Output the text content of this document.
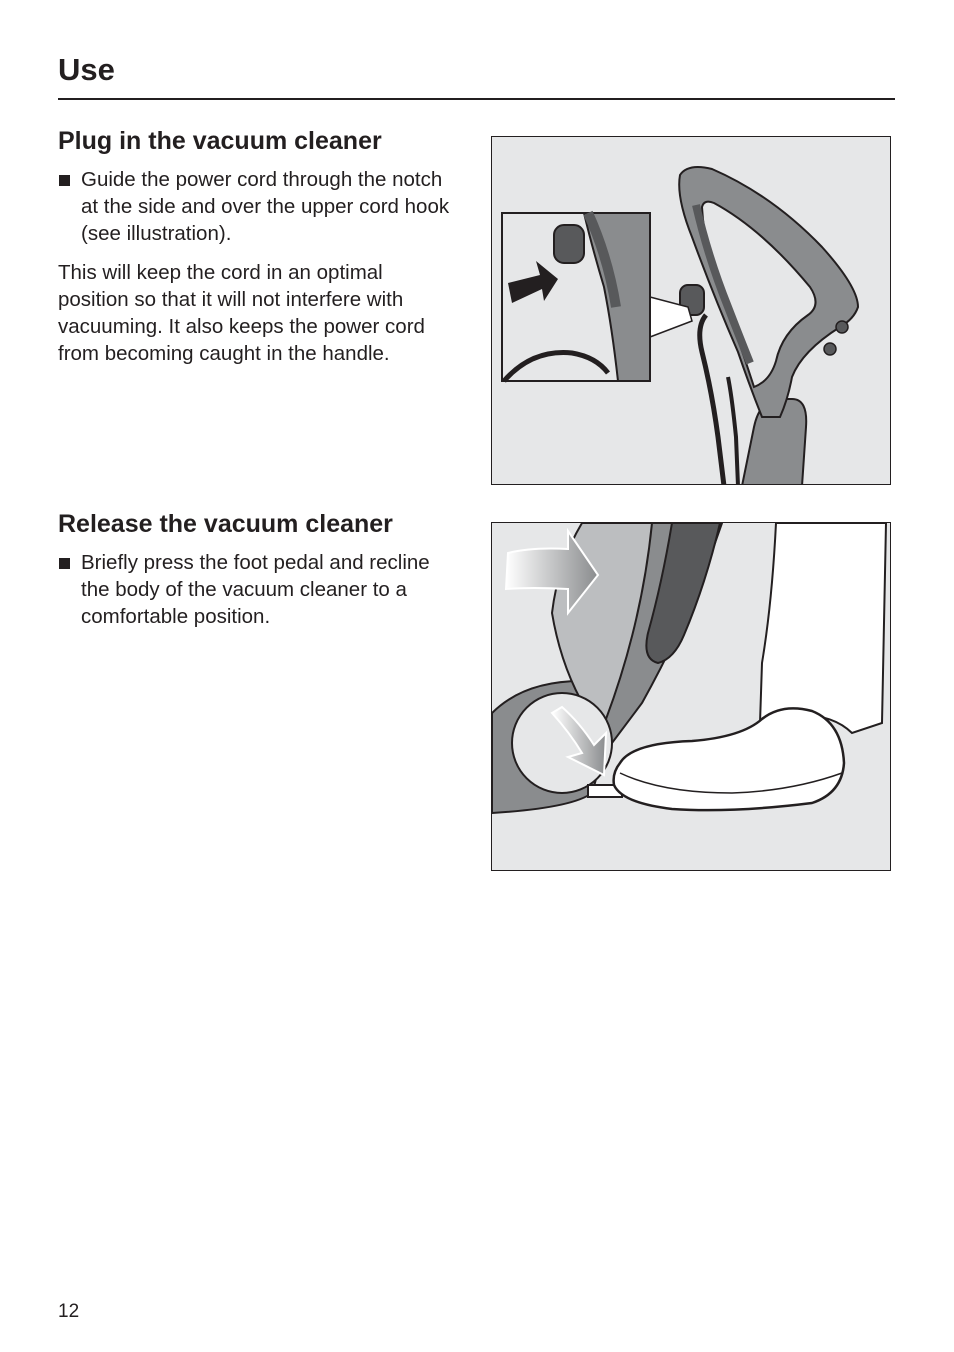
Use
Plug in the vacuum cleaner
Guide the power cord through the notch at the side and over the upper cord hook (see illustration).

This will keep the cord in an optimal position so that it will not interfere with vacuuming. It also keeps the power cord from becoming caught in the handle.

Release the vacuum cleaner
Briefly press the foot pedal and recline the body of the vacuum cleaner to a comfortable position.
12
